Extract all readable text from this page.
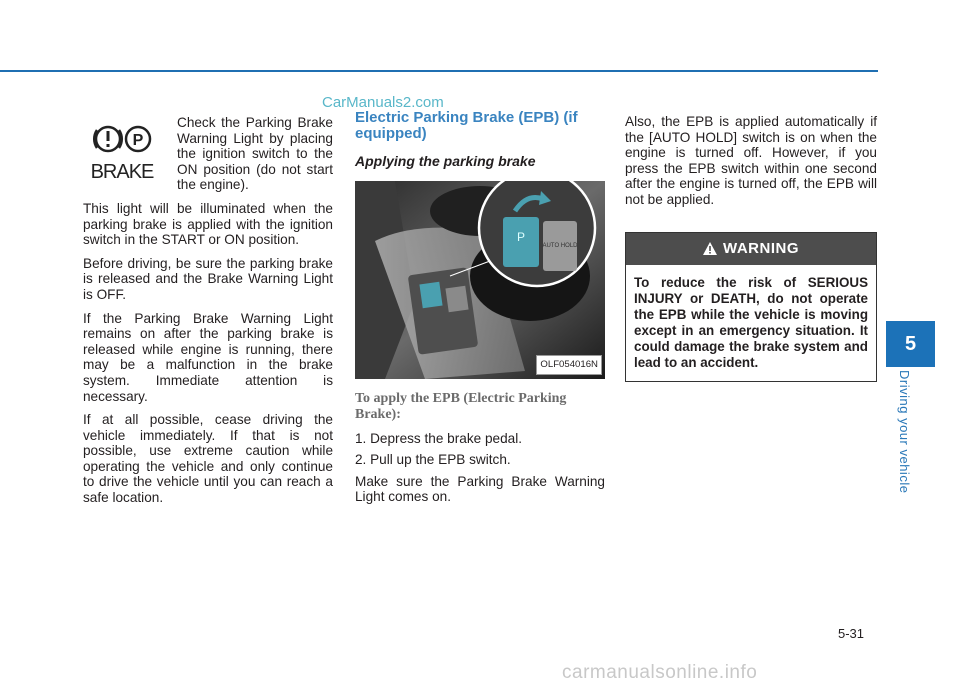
CarManuals2.com

Check the Parking Brake Warning Light by placing the ignition switch to the ON position (do not start the engine).

This light will be illuminated when the parking brake is applied with the ignition switch in the START or ON position.

Before driving, be sure the parking brake is released and the Brake Warning Light is OFF.

If the Parking Brake Warning Light remains on after the parking brake is released while engine is running, there may be a malfunction in the brake system. Immediate attention is necessary.

If at all possible, cease driving the vehicle immediately. If that is not possible, use extreme caution while operating the vehicle and only continue to drive the vehicle until you can reach a safe location.

P
BRAKE
Electric Parking Brake (EPB) (if equipped)
Applying the parking brake
P
AUTO HOLD
OLF054016N
To apply the EPB (Electric Parking Brake):

1. Depress the brake pedal.

2. Pull up the EPB switch.

Make sure the Parking Brake Warning Light comes on.

Also, the EPB is applied automatically if the [AUTO HOLD] switch is on when the engine is turned off. However, if you press the EPB switch within one second after the engine is turned off, the EPB will not be applied.

WARNING
To reduce the risk of SERIOUS INJURY or DEATH, do not operate the EPB while the vehicle is moving except in an emergency situation. It could damage the brake system and lead to an accident.
5
Driving your vehicle
5-31
carmanualsonline.info
